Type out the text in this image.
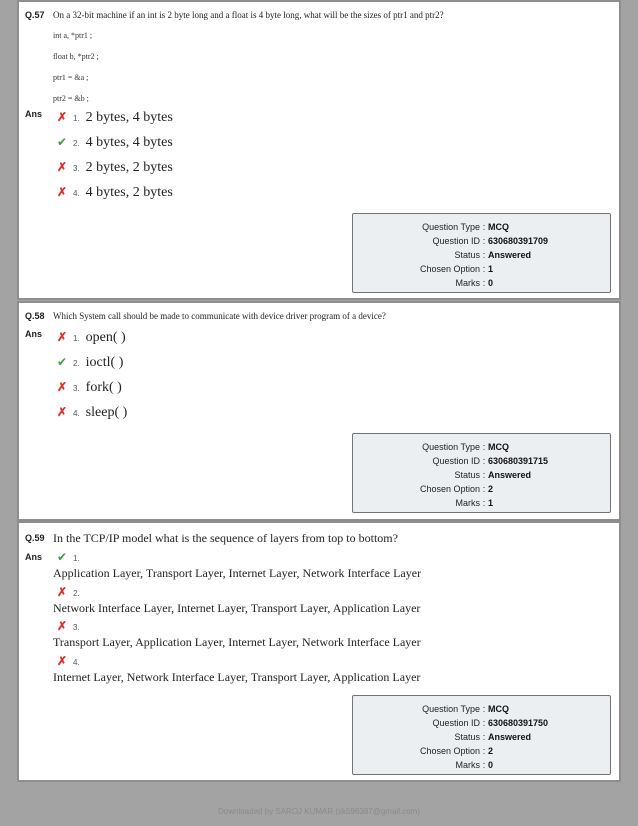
Q.57 On a 32-bit machine if an int is 2 byte long and a float is 4 byte long, what will be the sizes of ptr1 and ptr2?
int a, *ptr1 ;
float b, *ptr2 ;
ptr1 = &a ;
ptr2 = &b ;
Ans ✗ 1. 2 bytes, 4 bytes
✔ 2. 4 bytes, 4 bytes
✗ 3. 2 bytes, 2 bytes
✗ 4. 4 bytes, 2 bytes
Question Type : MCQ
Question ID : 630680391709
Status : Answered
Chosen Option : 1
Marks : 0
Q.58 Which System call should be made to communicate with device driver program of a device?
Ans ✗ 1. open( )
✔ 2. ioctl( )
✗ 3. fork( )
✗ 4. sleep( )
Question Type : MCQ
Question ID : 630680391715
Status : Answered
Chosen Option : 2
Marks : 1
Q.59 In the TCP/IP model what is the sequence of layers from top to bottom?
Ans ✔ 1.
Application Layer, Transport Layer, Internet Layer, Network Interface Layer
✗ 2.
Network Interface Layer, Internet Layer, Transport Layer, Application Layer
✗ 3.
Transport Layer, Application Layer, Internet Layer, Network Interface Layer
✗ 4.
Internet Layer, Network Interface Layer, Transport Layer, Application Layer
Question Type : MCQ
Question ID : 630680391750
Status : Answered
Chosen Option : 2
Marks : 0
Downloaded by SAROJ KUMAR (sk596387@gmail.com)
